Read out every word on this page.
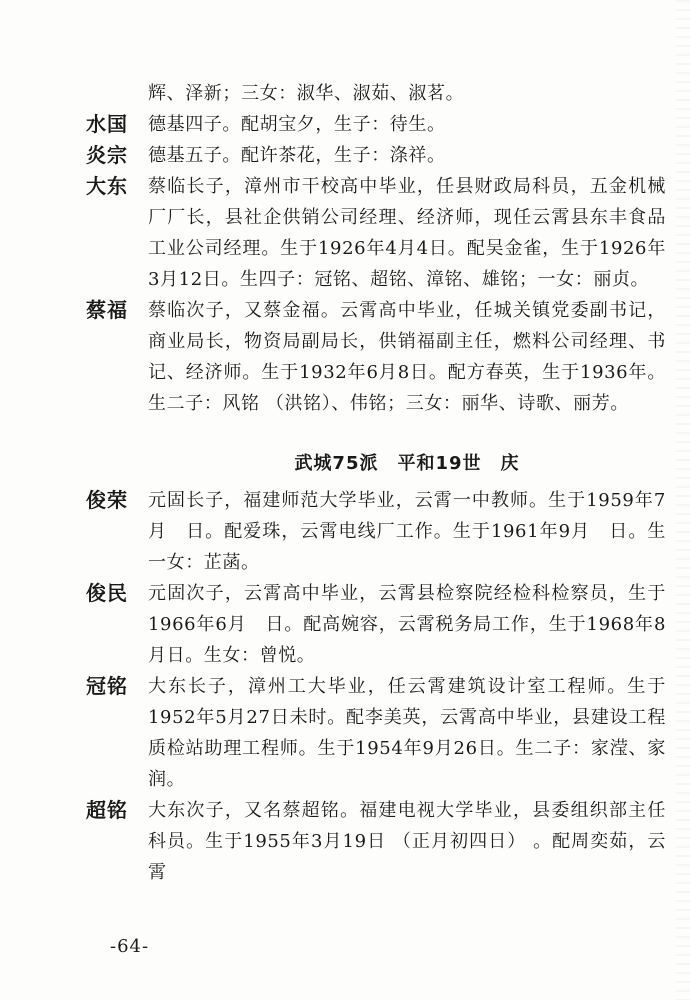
辉、泽新；三女：淑华、淑茹、淑茗。
水国	德基四子。配胡宝夕，生子：待生。
炎宗	德基五子。配许茶花，生子：涤祥。
大东	蔡临长子，漳州市干校高中毕业，任县财政局科员，五金机械厂厂长，县社企供销公司经理、经济师，现任云霄县东丰食品工业公司经理。生于1926年4月4日。配吴金雀，生于1926年3月12日。生四子：冠铭、超铭、漳铭、雄铭；一女：丽贞。
蔡福	蔡临次子，又蔡金福。云霄高中毕业，任城关镇党委副书记，商业局长，物资局副局长，供销福副主任，燃料公司经理、书记、经济师。生于1932年6月8日。配方春英，生于1936年。生二子：风铭 （洪铭）、伟铭；三女：丽华、诗歌、丽芳。
武城75派　平和19世　庆
俊荣	元固长子，福建师范大学毕业，云霄一中教师。生于1959年7月　日。配爱珠，云霄电线厂工作。生于1961年9月　日。生一女：芷菡。
俊民	元固次子，云霄高中毕业，云霄县检察院经检科检察员，生于1966年6月　日。配高婉容，云霄税务局工作，生于1968年8月日。生女：曾悦。
冠铭	大东长子，漳州工大毕业，任云霄建筑设计室工程师。生于1952年5月27日未时。配李美英，云霄高中毕业，县建设工程质检站助理工程师。生于1954年9月26日。生二子：家滢、家润。
超铭	大东次子，又名蔡超铭。福建电视大学毕业，县委组织部主任科员。生于1955年3月19日 （正月初四日） 。配周奕茹，云霄
-64-
